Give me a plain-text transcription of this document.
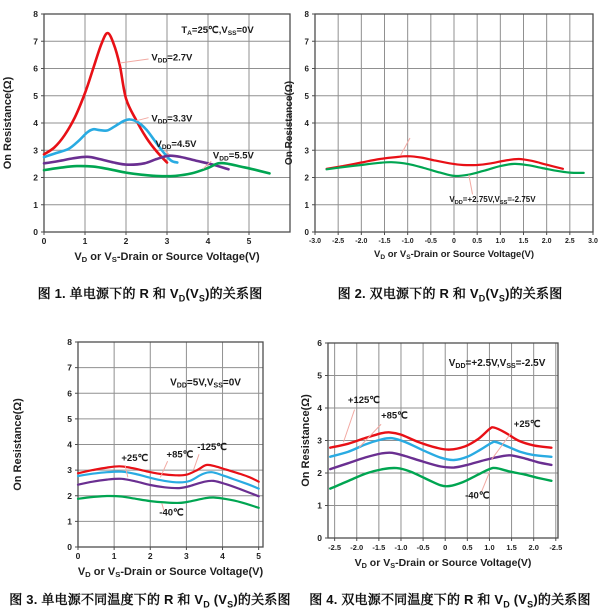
0	1	2	3	4	5
0
1
2
3
4
5
6
7
8
VD or VS-Drain or Source Voltage(V)
On Resistance(Ω)
$V_{DD}=2.7V$
$V_{DD}=3.3V$
$V_{DD}=4.5V$
$V_{DD}=5.5V$
$T_A=25℃,V_{SS}=0V$
-3.0 -2.5 -2.0 -1.5 -1.0 -0.5 0 0.5 1.0 1.5 2.0 2.5 3.0
0
1
2
3
4
5
6
7
8
$V_D$ or $V_S$-Drain or Source Voltage(V)
On Resistance(Ω)
$V_{DD}=+2.75V,V_{SS}=-2.75V$
图 1. 单电源下的 R 和 $V_D(V_S)$的关系图	图 2. 双电源下的 R 和 $V_D(V_S)$的关系图
0	1	2	3	4	5
0
1
2
3
4
5
6
7
8
VD or VS-Drain or Source Voltage(V)
On Resistance(Ω)	+25℃ +85℃
-125℃
-40℃
$V_{DD}=5V,V_{SS}=0V$
-2.5 -2.0 -1.5 -1.0 -0.5 0 0.5 1.0 1.5 2.0 -2.5
0
1
2
3
4
5
6
VD or VS-Drain or Source Voltage(V)
On Resistance(Ω)	+125℃
+85℃
+25℃
-40℃
$V_{DD}=+2.5V,V_{SS}=-2.5V$
图 3. 单电源不同温度下的 R 和 $V_D$ $(V_S)$的关系图	图 4. 双电源不同温度下的 R 和 $V_D$ $(V_S)$的关系图
